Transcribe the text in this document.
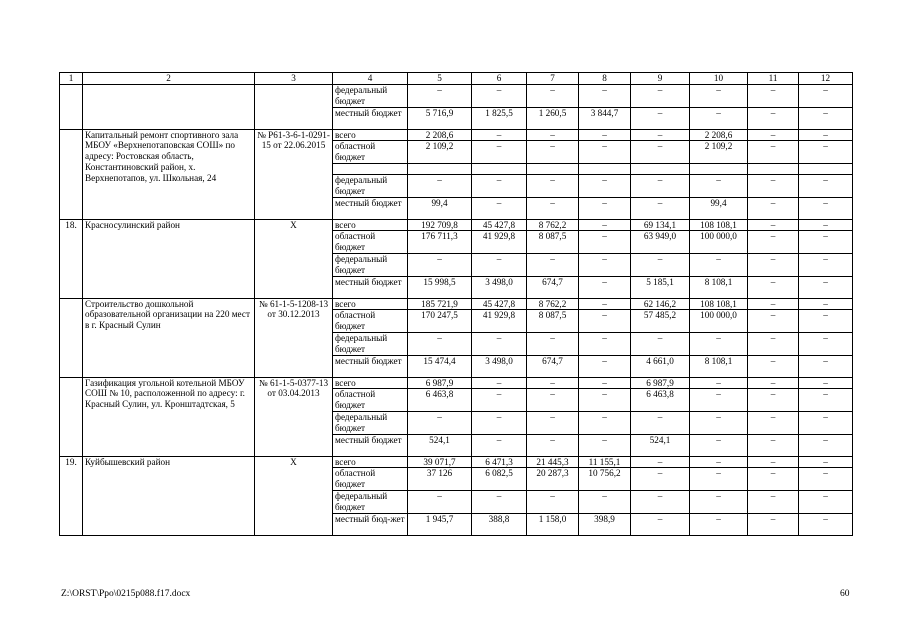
1	2	3	4	5	6	7	8	9	10	11	12
			федеральный бюджет	–	–	–	–	–	–	–	–
			местный бюджет	5 716,9	1 825,5	1 260,5	3 844,7	–	–	–	–
	Капитальный ремонт спортивного зала МБОУ «Верхнепотаповская СОШ» по адресу: Ростовская область, Константиновский район, х. Верхнепотапов, ул. Школьная, 24	№ Р61-3-6-1-0291-15 от 22.06.2015	всего	2 208,6	–	–	–	–	2 208,6	–	–
			областной бюджет	2 109,2	–	–	–	–	2 109,2	–	–

			федеральный бюджет	–	–	–	–	–	–	–	–
			местный бюджет	99,4	–	–	–	–	99,4	–	–
18.	Красносулинский район	Х	всего	192 709,8	45 427,8	8 762,2	–	69 134,1	108 108,1	–	–
			областной бюджет	176 711,3	41 929,8	8 087,5	–	63 949,0	100 000,0	–	–
			федеральный бюджет	–	–	–	–	–	–	–	–
			местный бюджет	15 998,5	3 498,0	674,7	–	5 185,1	8 108,1	–	–
	Строительство дошкольной образовательной организации на 220 мест в г. Красный Сулин	№ 61-1-5-1208-13 от 30.12.2013	всего	185 721,9	45 427,8	8 762,2	–	62 146,2	108 108,1	–	–
			областной бюджет	170 247,5	41 929,8	8 087,5	–	57 485,2	100 000,0	–	–
			федеральный бюджет	–	–	–	–	–	–	–	–
			местный бюджет	15 474,4	3 498,0	674,7	–	4 661,0	8 108,1	–	–
	Газификация угольной котельной МБОУ СОШ № 10, расположенной по адресу: г. Красный Сулин, ул. Кронштадтская, 5	№ 61-1-5-0377-13 от 03.04.2013	всего	6 987,9	–	–	–	6 987,9	–	–	–
			областной бюджет	6 463,8	–	–	–	6 463,8	–	–	–
			федеральный бюджет	–	–	–	–	–	–	–	–
			местный бюджет	524,1	–	–	–	524,1	–	–	–
19.	Куйбышевский район	Х	всего	39 071,7	6 471,3	21 445,3	11 155,1	–	–	–	–
			областной бюджет	37 126	6 082,5	20 287,3	10 756,2	–	–	–	–
			федеральный бюджет	–	–	–	–	–	–	–	–
			местный бюд-жет	1 945,7	388,8	1 158,0	398,9	–	–	–	–
Z:\ORST\Ppo\0215p088.f17.docx	60
